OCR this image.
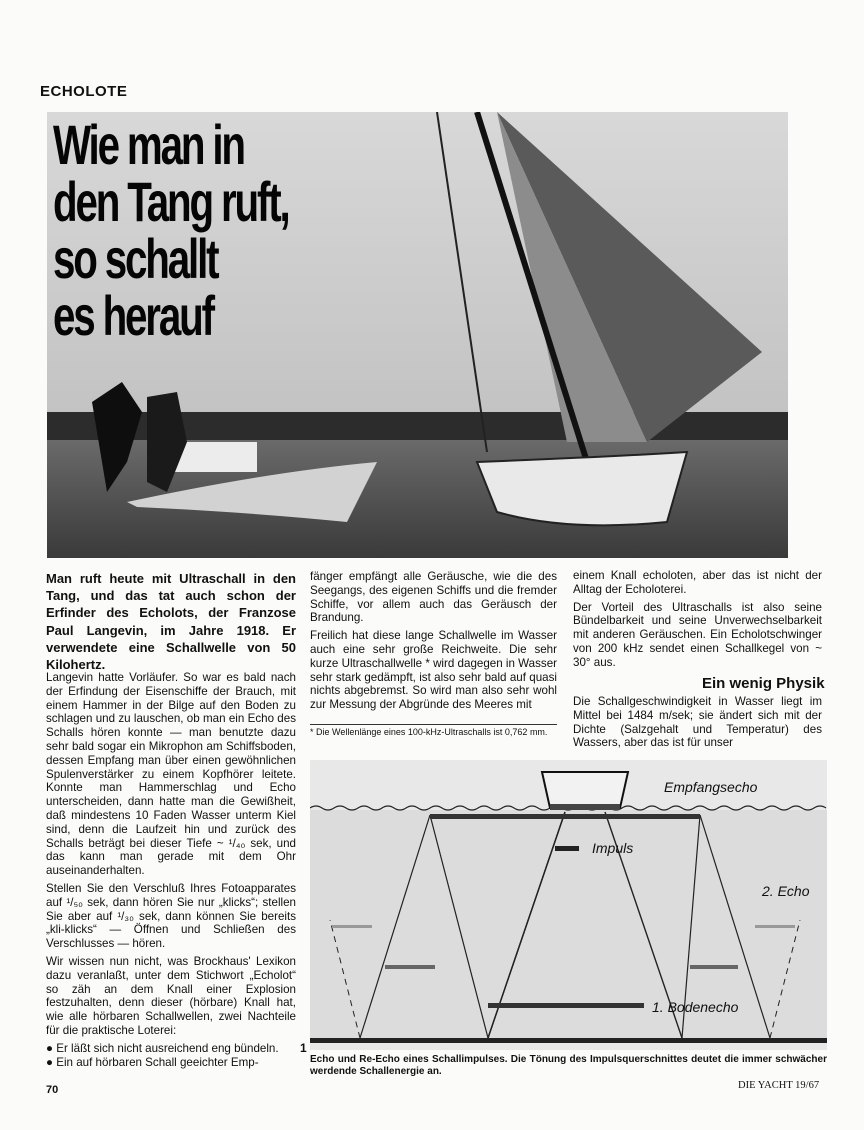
ECHOLOTE
Wie man in
den Tang ruft,
so schallt
es herauf
Man ruft heute mit Ultraschall in den Tang, und das tat auch schon der Erfinder des Echolots, der Franzose Paul Langevin, im Jahre 1918. Er verwendete eine Schallwelle von 50 Kilohertz.

Langevin hatte Vorläufer. So war es bald nach der Erfindung der Eisenschiffe der Brauch, mit einem Hammer in der Bilge auf den Boden zu schlagen und zu lauschen, ob man ein Echo des Schalls hören konnte — man benutzte dazu sehr bald sogar ein Mikrophon am Schiffsboden, dessen Empfang man über einen gewöhnlichen Spulenverstärker zu einem Kopfhörer leitete. Konnte man Hammerschlag und Echo unterscheiden, dann hatte man die Gewißheit, daß mindestens 10 Faden Wasser unterm Kiel sind, denn die Laufzeit hin und zurück des Schalls beträgt bei dieser Tiefe ~ ¹/₄₀ sek, und das kann man gerade mit dem Ohr auseinanderhalten.

Stellen Sie den Verschluß Ihres Fotoapparates auf ¹/₅₀ sek, dann hören Sie nur „klicks“; stellen Sie aber auf ¹/₃₀ sek, dann können Sie bereits „kli-klicks“ — Öffnen und Schließen des Verschlusses — hören.

Wir wissen nun nicht, was Brockhaus' Lexikon dazu veranlaßt, unter dem Stichwort „Echolot“ so zäh an dem Knall einer Explosion festzuhalten, denn dieser (hörbare) Knall hat, wie alle hörbaren Schallwellen, zwei Nachteile für die praktische Loterei:

● Er läßt sich nicht ausreichend eng bündeln.

● Ein auf hörbaren Schall geeichter Emp-

fänger empfängt alle Geräusche, wie die des Seegangs, des eigenen Schiffs und die fremder Schiffe, vor allem auch das Geräusch der Brandung.

Freilich hat diese lange Schallwelle im Wasser auch eine sehr große Reichweite. Die sehr kurze Ultraschallwelle * wird dagegen in Wasser sehr stark gedämpft, ist also sehr bald auf quasi nichts abgebremst. So wird man also sehr wohl zur Messung der Abgründe des Meeres mit

* Die Wellenlänge eines 100-kHz-Ultraschalls ist 0,762 mm.

einem Knall echoloten, aber das ist nicht der Alltag der Echoloterei.

Der Vorteil des Ultraschalls ist also seine Bündelbarkeit und seine Unverwechselbarkeit mit anderen Geräuschen. Ein Echolotschwinger von 200 kHz sendet einen Schallkegel von ~ 30° aus.

Ein wenig Physik
Die Schallgeschwindigkeit in Wasser liegt im Mittel bei 1484 m/sek; sie ändert sich mit der Dichte (Salzgehalt und Temperatur) des Wassers, aber das ist für unser
Empfangsecho
Impuls
2. Echo
1. Bodenecho
1
Echo und Re-Echo eines Schallimpulses. Die Tönung des Impulsquerschnittes deutet die immer schwächer werdende Schallenergie an.
70	DIE YACHT 19/67
